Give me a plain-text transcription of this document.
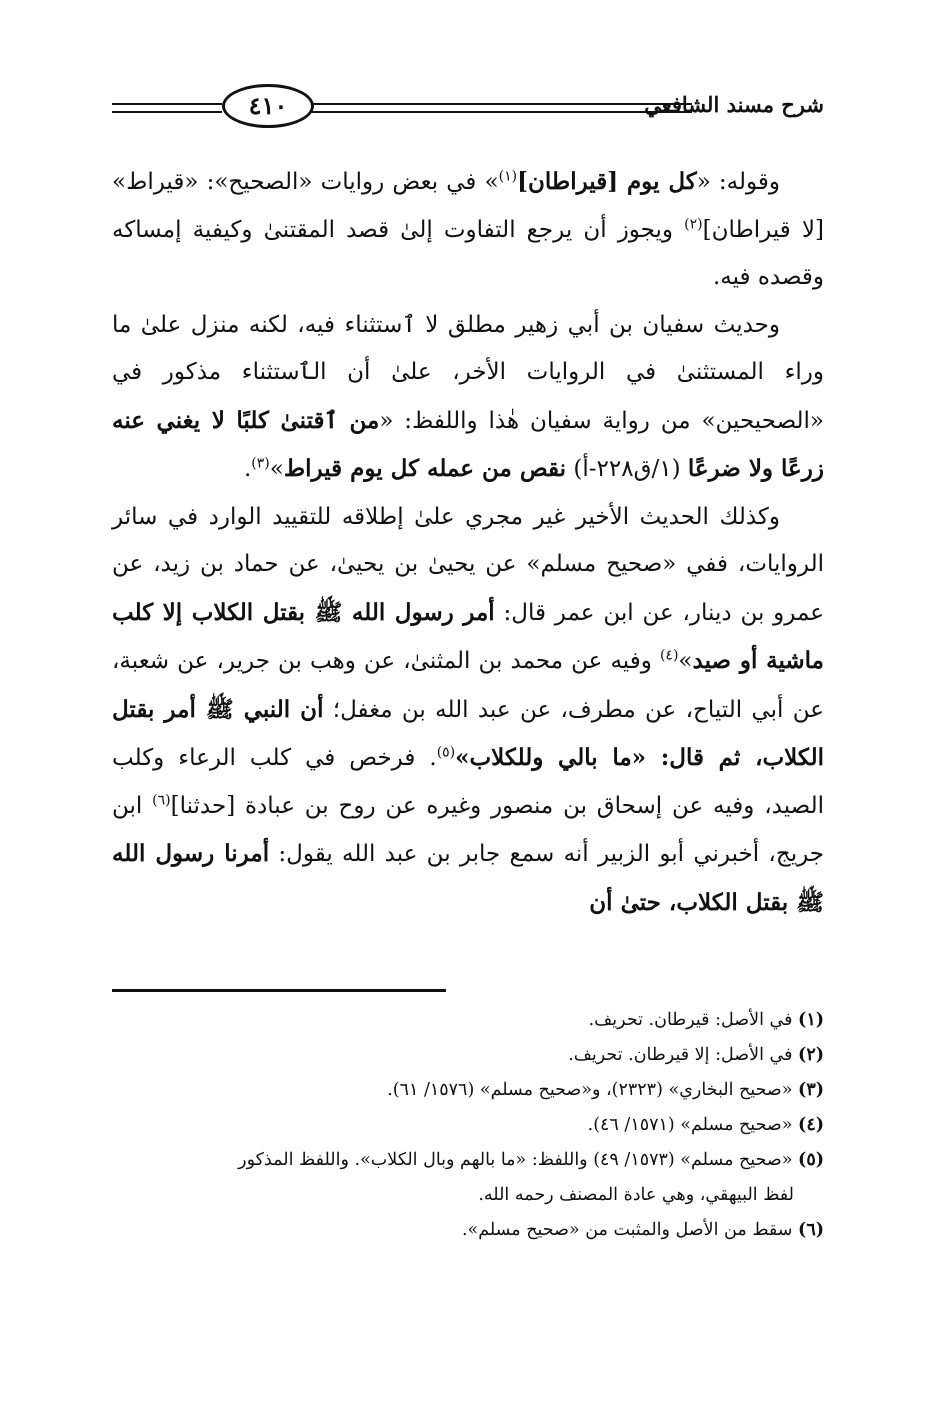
شرح مسند الشافعي
٤١٠

وقوله: «كل يوم [قيراطان]$^{(١)}$» في بعض روايات «الصحيح»: «قيراط» [لا قيراطان]$^{(٢)}$ ويجوز أن يرجع التفاوت إلىٰ قصد المقتنىٰ وكيفية إمساكه وقصده فيه.

وحديث سفيان بن أبي زهير مطلق لا ٱستثناء فيه، لكنه منزل علىٰ ما وراء المستثنىٰ في الروايات الأخر، علىٰ أن الٱستثناء مذكور في «الصحيحين» من رواية سفيان هٰذا واللفظ: «من ٱقتنىٰ كلبًا لا يغني عنه زرعًا ولا ضرعًا (١/ق٢٢٨-أ) نقص من عمله كل يوم قيراط»$^{(٣)}$.

وكذلك الحديث الأخير غير مجري علىٰ إطلاقه للتقييد الوارد في سائر الروايات، ففي «صحيح مسلم» عن يحيىٰ بن يحيىٰ، عن حماد بن زيد، عن عمرو بن دينار، عن ابن عمر قال: أمر رسول الله ﷺ بقتل الكلاب إلا كلب ماشية أو صيد»$^{(٤)}$ وفيه عن محمد بن المثنىٰ، عن وهب بن جرير، عن شعبة، عن أبي التياح، عن مطرف، عن عبد الله بن مغفل؛ أن النبي ﷺ أمر بقتل الكلاب، ثم قال: «ما بالي وللكلاب»$^{(٥)}$. فرخص في كلب الرعاء وكلب الصيد، وفيه عن إسحاق بن منصور وغيره عن روح بن عبادة [حدثنا]$^{(٦)}$ ابن جريج، أخبرني أبو الزبير أنه سمع جابر بن عبد الله يقول: أمرنا رسول الله ﷺ بقتل الكلاب، حتىٰ أن

(١) في الأصل: قيرطان. تحريف.
(٢) في الأصل: إلا قيرطان. تحريف.
(٣) «صحيح البخاري» (٢٣٢٣)، و«صحيح مسلم» (١٥٧٦/ ٦١).
(٤) «صحيح مسلم» (١٥٧١/ ٤٦).
(٥) «صحيح مسلم» (١٥٧٣/ ٤٩) واللفظ: «ما بالهم وبال الكلاب». واللفظ المذكور
لفظ البيهقي، وهي عادة المصنف رحمه الله.
(٦) سقط من الأصل والمثبت من «صحيح مسلم».
